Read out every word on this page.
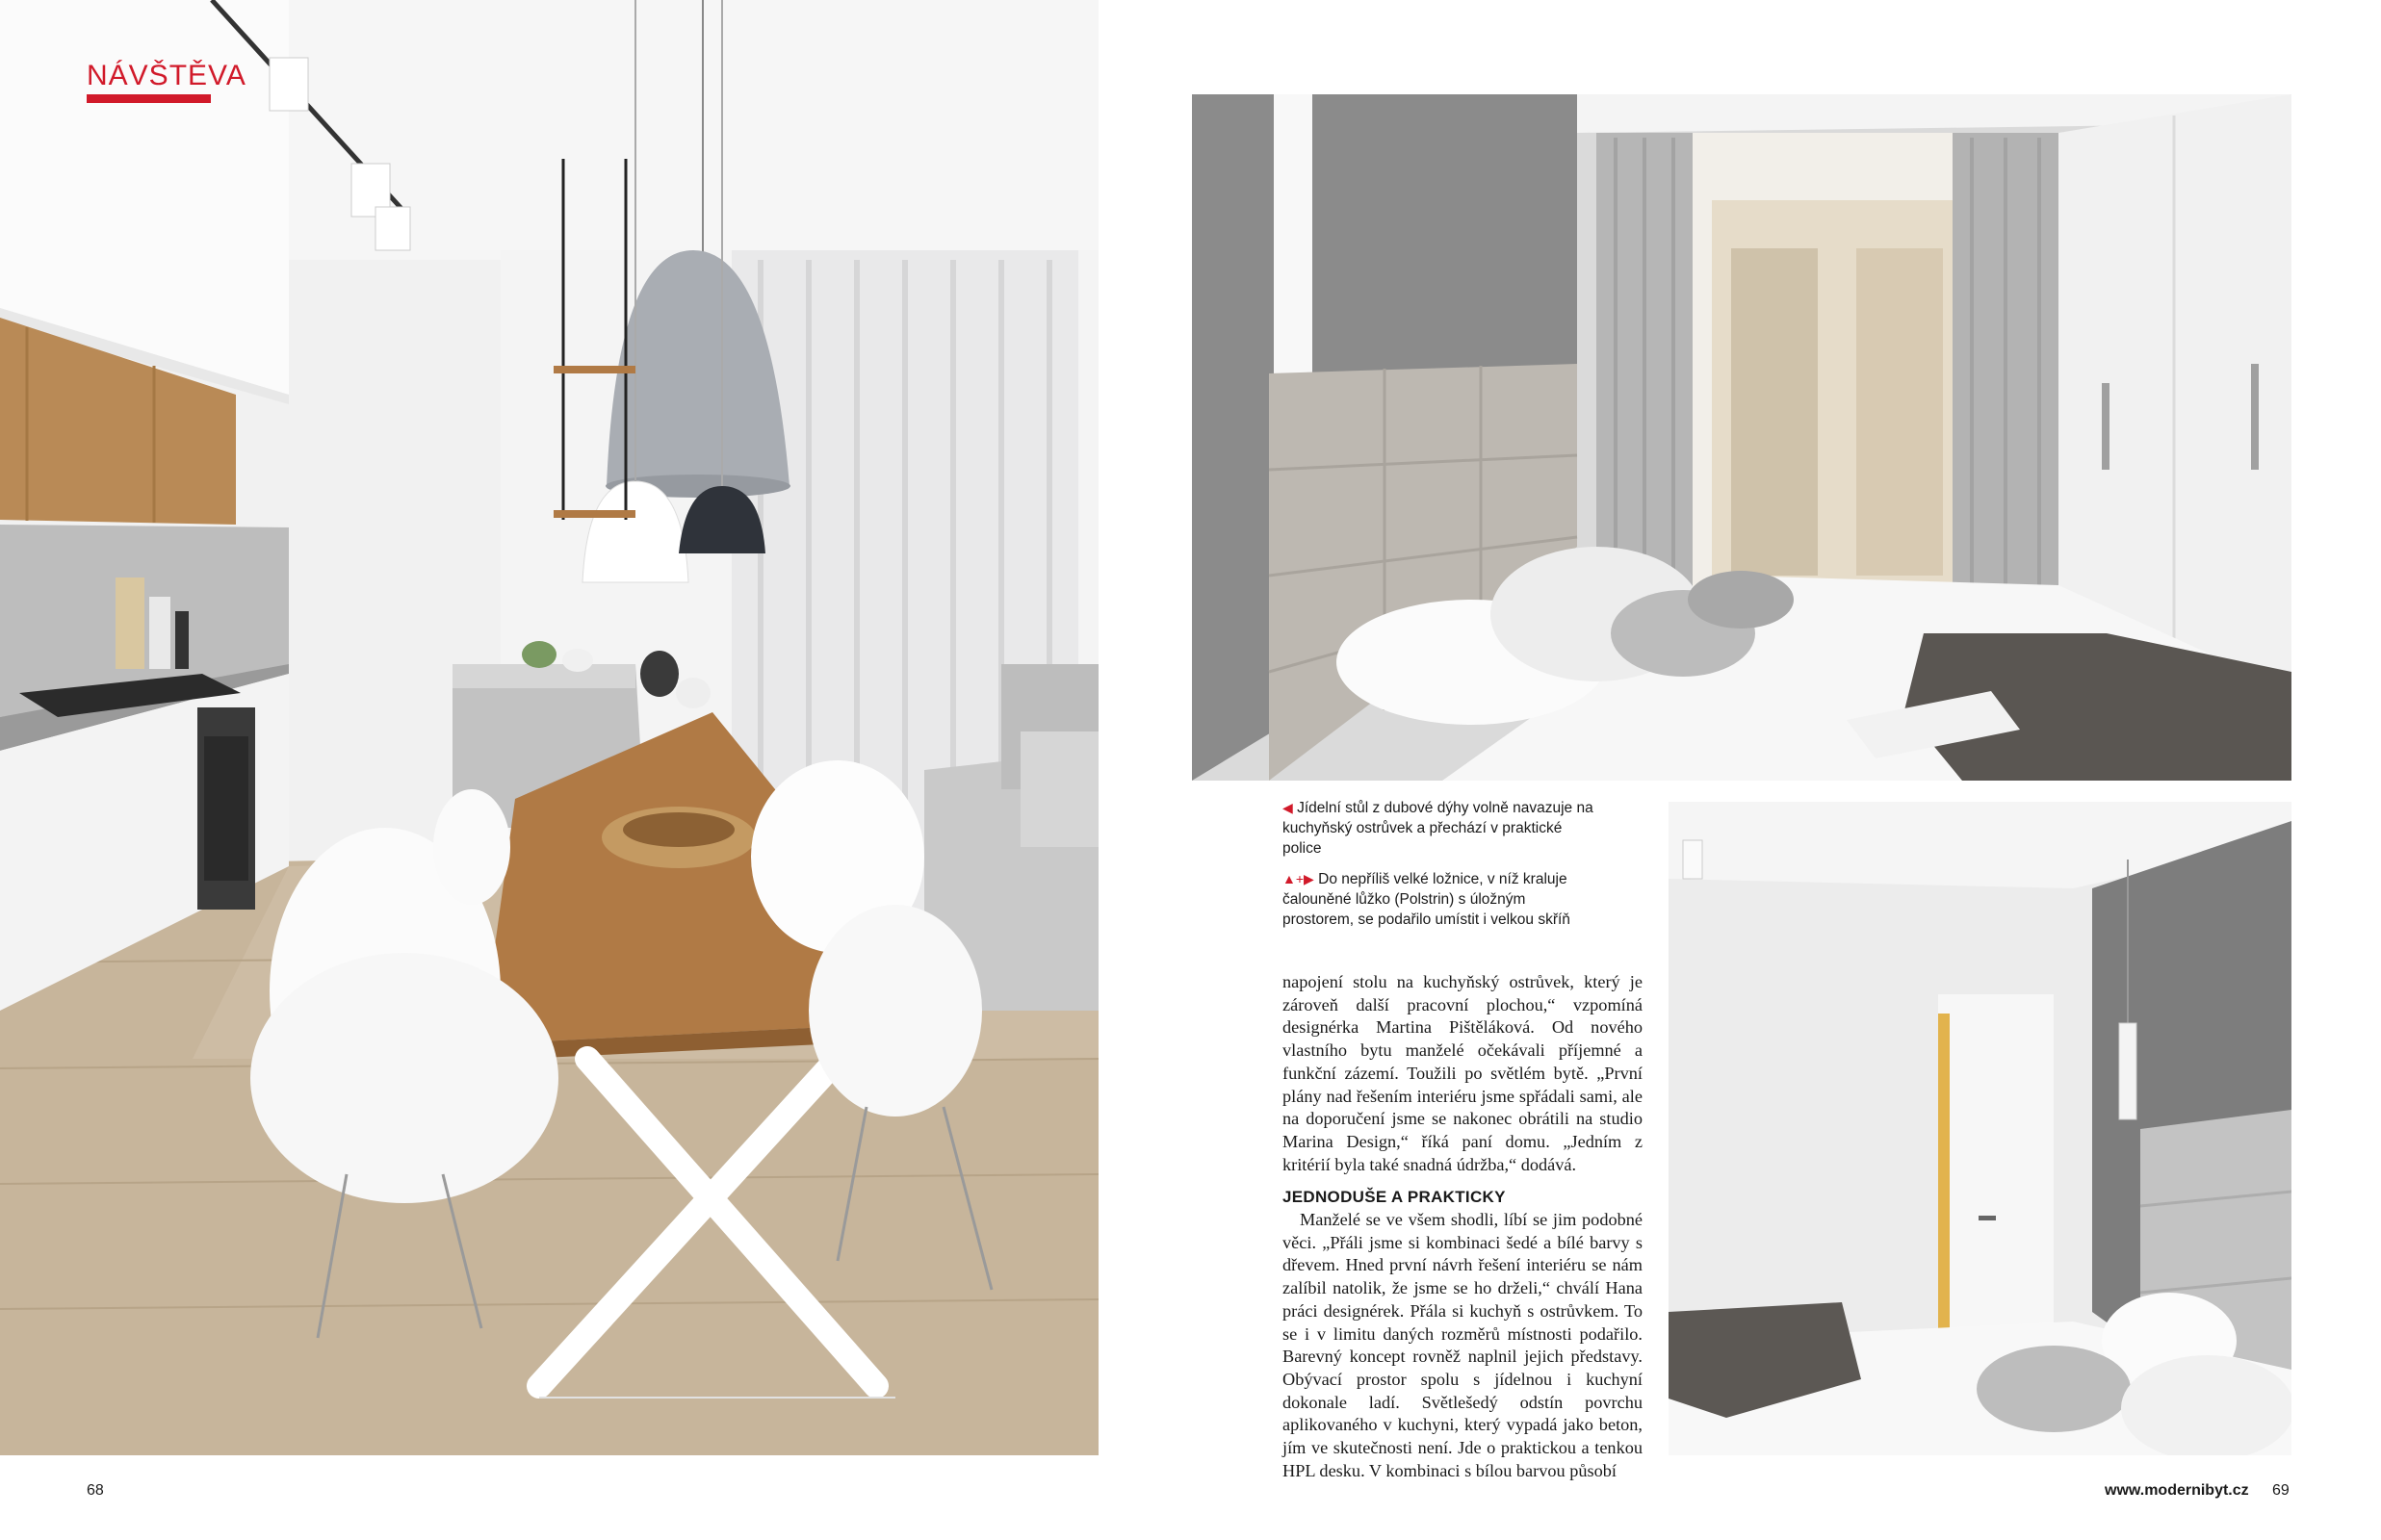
NÁVŠTĚVA
◀ Jídelní stůl z dubové dýhy volně navazuje na kuchyňský ostrůvek a přechází v praktické police
▲+▶ Do nepříliš velké ložnice, v níž kraluje čalouněné lůžko (Polstrin) s úložným prostorem, se podařilo umístit i velkou skříň

napojení stolu na kuchyňský ostrůvek, který je zároveň další pracovní plochou,“ vzpomíná designérka Martina Pištěláková. Od nového vlastního bytu manželé očekávali příjemné a funkční zázemí. Toužili po světlém bytě. „První plány nad řešením interiéru jsme spřádali sami, ale na doporučení jsme se nakonec obrátili na studio Marina Design,“ říká paní domu. „Jedním z kritérií byla také snadná údržba,“ dodává.

JEDNODUŠE A PRAKTICKY

Manželé se ve všem shodli, líbí se jim podobné věci. „Přáli jsme si kombinaci šedé a bílé barvy s dřevem. Hned první návrh řešení interiéru se nám zalíbil natolik, že jsme se ho drželi,“ chválí Hana práci designérek. Přála si kuchyň s ostrůvkem. To se i v limitu daných rozměrů místnosti podařilo. Barevný koncept rovněž naplnil jejich představy. Obývací prostor spolu s jídelnou i kuchyní dokonale ladí. Světlešedý odstín povrchu aplikovaného v kuchyni, který vypadá jako beton, jím ve skutečnosti není. Jde o praktickou a tenkou HPL desku. V kombinaci s bílou barvou působí

68	www.modernibyt.cz 69
